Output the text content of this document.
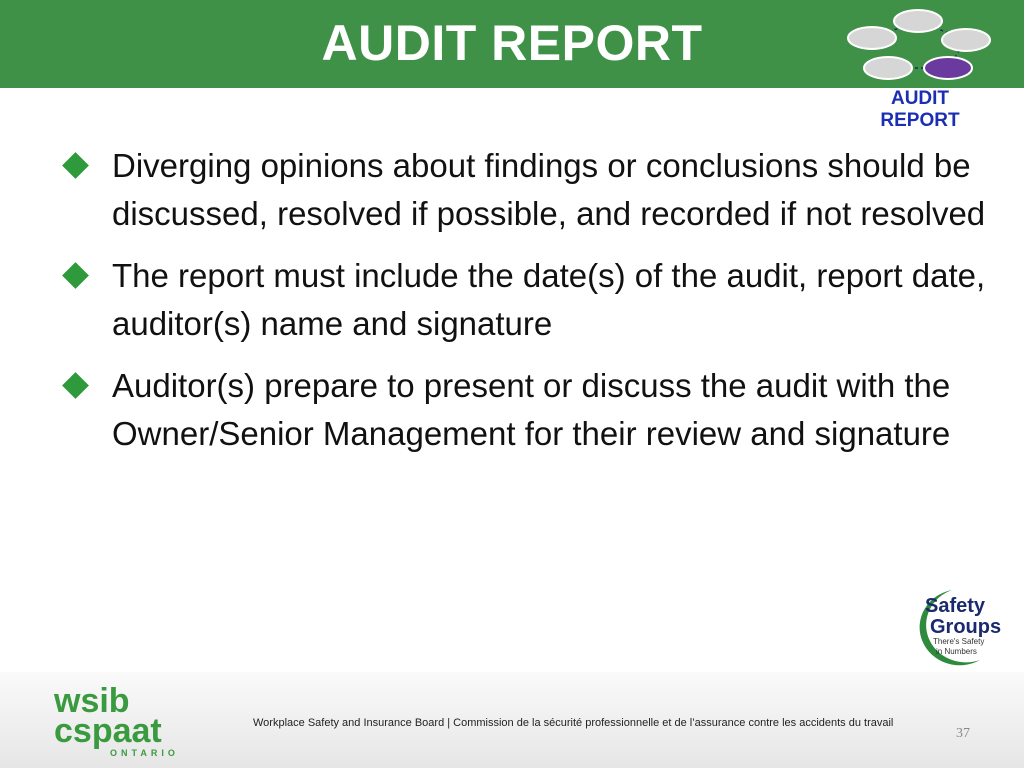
AUDIT REPORT
AUDIT
REPORT
Diverging opinions about findings or conclusions should be discussed, resolved if possible, and recorded if not resolved
The report must include the date(s) of the audit, report date, auditor(s) name and signature
Auditor(s) prepare to present or discuss the audit with the Owner/Senior Management for their review and signature
Safety
Groups
There's Safety
in Numbers
wsib
cspaat
ONTARIO
Workplace Safety and Insurance Board | Commission de la sécurité professionnelle et de l’assurance contre les accidents du travail
37
